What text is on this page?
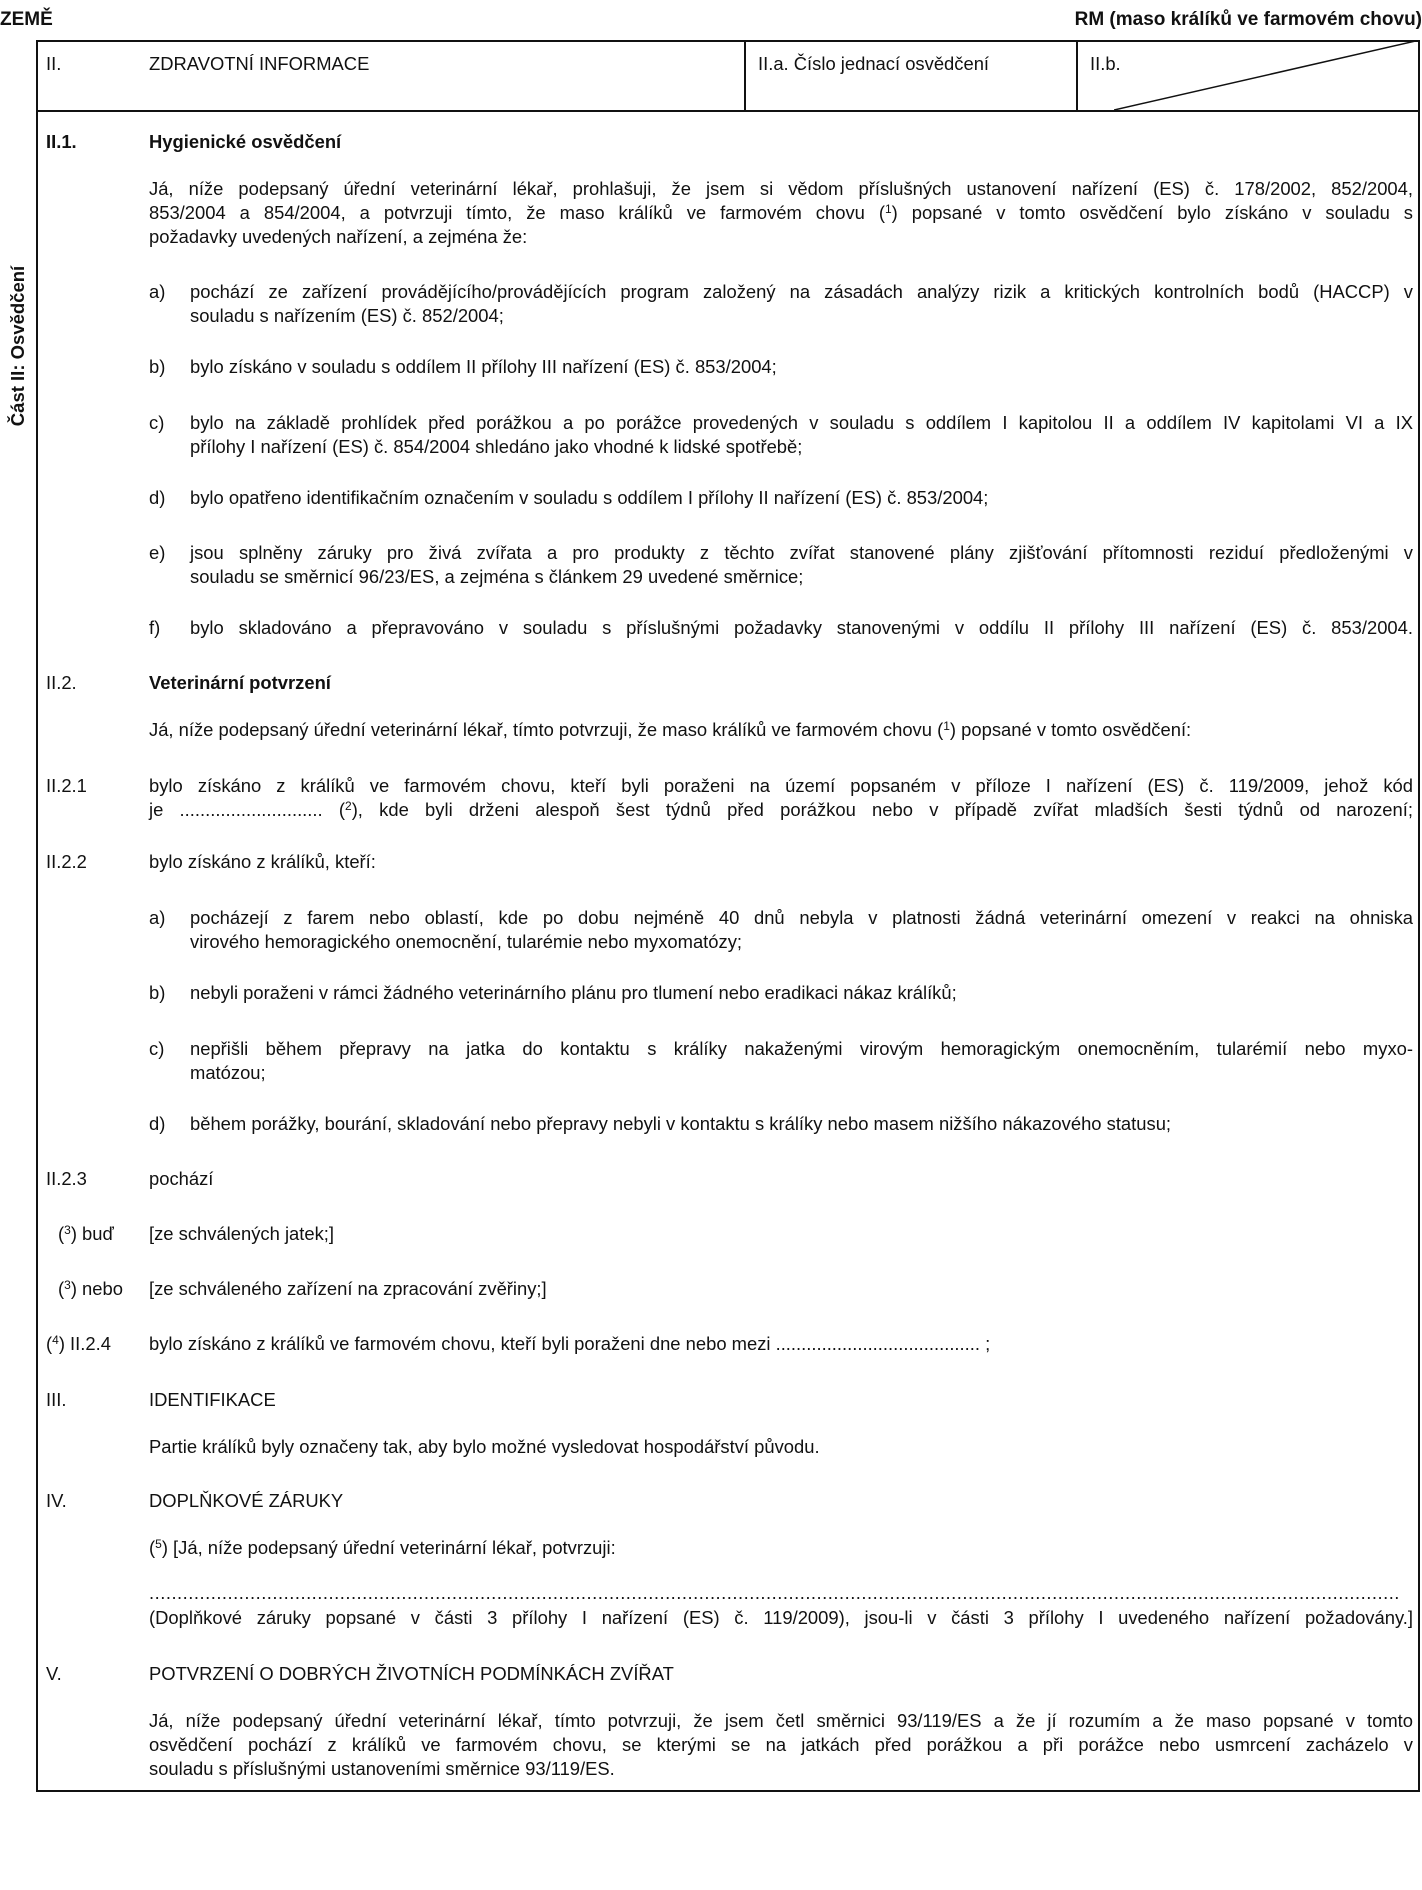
ZEMĚ	RM (maso králíků ve farmovém chovu)
Část II: Osvědčení
II.	ZDRAVOTNÍ INFORMACE	II.a. Číslo jednací osvědčení	II.b.
II.1.	Hygienické osvědčení
Já, níže podepsaný úřední veterinární lékař, prohlašuji, že jsem si vědom příslušných ustanovení nařízení (ES) č. 178/2002, 852/2004,
853/2004 a 854/2004, a potvrzuji tímto, že maso králíků ve farmovém chovu ($^1$) popsané v tomto osvědčení bylo získáno v souladu s
požadavky uvedených nařízení, a zejména že:
a) pochází ze zařízení provádějícího/provádějících program založený na zásadách analýzy rizik a kritických kontrolních bodů (HACCP) v
souladu s nařízením (ES) č. 852/2004;
b) bylo získáno v souladu s oddílem II přílohy III nařízení (ES) č. 853/2004;
c) bylo na základě prohlídek před porážkou a po porážce provedených v souladu s oddílem I kapitolou II a oddílem IV kapitolami VI a IX
přílohy I nařízení (ES) č. 854/2004 shledáno jako vhodné k lidské spotřebě;
d) bylo opatřeno identifikačním označením v souladu s oddílem I přílohy II nařízení (ES) č. 853/2004;
e) jsou splněny záruky pro živá zvířata a pro produkty z těchto zvířat stanovené plány zjišťování přítomnosti reziduí předloženými v
souladu se směrnicí 96/23/ES, a zejména s článkem 29 uvedené směrnice;
f) bylo skladováno a přepravováno v souladu s příslušnými požadavky stanovenými v oddílu II přílohy III nařízení (ES) č. 853/2004.
II.2.	Veterinární potvrzení
Já, níže podepsaný úřední veterinární lékař, tímto potvrzuji, že maso králíků ve farmovém chovu ($^1$) popsané v tomto osvědčení:
II.2.1	bylo získáno z králíků ve farmovém chovu, kteří byli poraženi na území popsaném v příloze I nařízení (ES) č. 119/2009, jehož kód
je ............................ ($^2$), kde byli drženi alespoň šest týdnů před porážkou nebo v případě zvířat mladších šesti týdnů od narození;
II.2.2	bylo získáno z králíků, kteří:
a) pocházejí z farem nebo oblastí, kde po dobu nejméně 40 dnů nebyla v platnosti žádná veterinární omezení v reakci na ohniska
virového hemoragického onemocnění, tularémie nebo myxomatózy;
b) nebyli poraženi v rámci žádného veterinárního plánu pro tlumení nebo eradikaci nákaz králíků;
c) nepřišli během přepravy na jatka do kontaktu s králíky nakaženými virovým hemoragickým onemocněním, tularémií nebo myxo-
matózou;
d) během porážky, bourání, skladování nebo přepravy nebyli v kontaktu s králíky nebo masem nižšího nákazového statusu;
II.2.3	pochází
($^3$) buď [ze schválených jatek;]
($^3$) nebo [ze schváleného zařízení na zpracování zvěřiny;]
($^4$) II.2.4 bylo získáno z králíků ve farmovém chovu, kteří byli poraženi dne nebo mezi ........................................ ;
III.	IDENTIFIKACE
Partie králíků byly označeny tak, aby bylo možné vysledovat hospodářství původu.
IV.	DOPLŇKOVÉ ZÁRUKY
($^5$) [Já, níže podepsaný úřední veterinární lékař, potvrzuji:
...............................................................................................................................................................................................................................
(Doplňkové záruky popsané v části 3 přílohy I nařízení (ES) č. 119/2009), jsou-li v části 3 přílohy I uvedeného nařízení požadovány.]
V.	POTVRZENÍ O DOBRÝCH ŽIVOTNÍCH PODMÍNKÁCH ZVÍŘAT
Já, níže podepsaný úřední veterinární lékař, tímto potvrzuji, že jsem četl směrnici 93/119/ES a že jí rozumím a že maso popsané v tomto
osvědčení pochází z králíků ve farmovém chovu, se kterými se na jatkách před porážkou a při porážce nebo usmrcení zacházelo v
souladu s příslušnými ustanoveními směrnice 93/119/ES.
